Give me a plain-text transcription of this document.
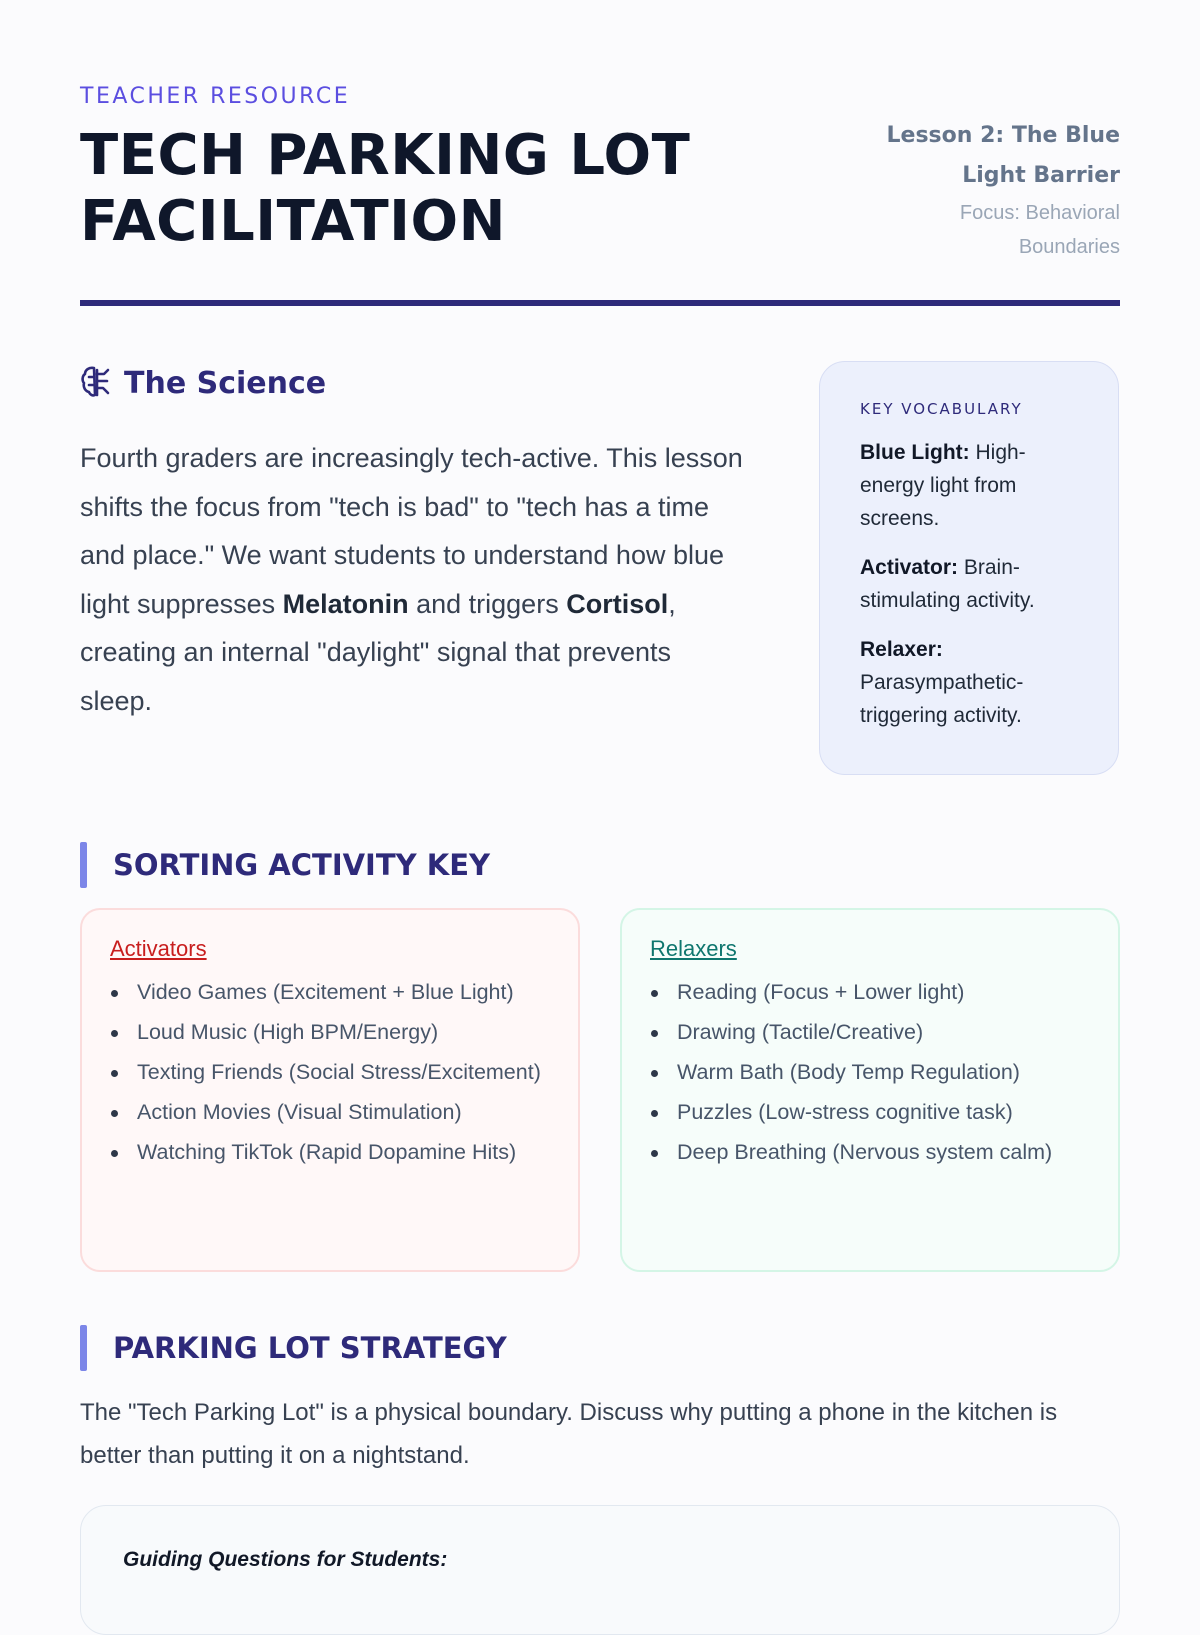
TEACHER RESOURCE
TECH PARKING LOT
FACILITATION
Lesson 2: The Blue Light Barrier
Focus: Behavioral Boundaries
The Science
Fourth graders are increasingly tech-active. This lesson shifts the focus from "tech is bad" to "tech has a time and place." We want students to understand how blue light suppresses Melatonin and triggers Cortisol, creating an internal "daylight" signal that prevents sleep.
KEY VOCABULARY
Blue Light: High-energy light from screens.
Activator: Brain-stimulating activity.
Relaxer: Parasympathetic-triggering activity.
SORTING ACTIVITY KEY
Activators
Video Games (Excitement + Blue Light)
Loud Music (High BPM/Energy)
Texting Friends (Social Stress/Excitement)
Action Movies (Visual Stimulation)
Watching TikTok (Rapid Dopamine Hits)
Relaxers
Reading (Focus + Lower light)
Drawing (Tactile/Creative)
Warm Bath (Body Temp Regulation)
Puzzles (Low-stress cognitive task)
Deep Breathing (Nervous system calm)
PARKING LOT STRATEGY
The "Tech Parking Lot" is a physical boundary. Discuss why putting a phone in the kitchen is better than putting it on a nightstand.
Guiding Questions for Students:
